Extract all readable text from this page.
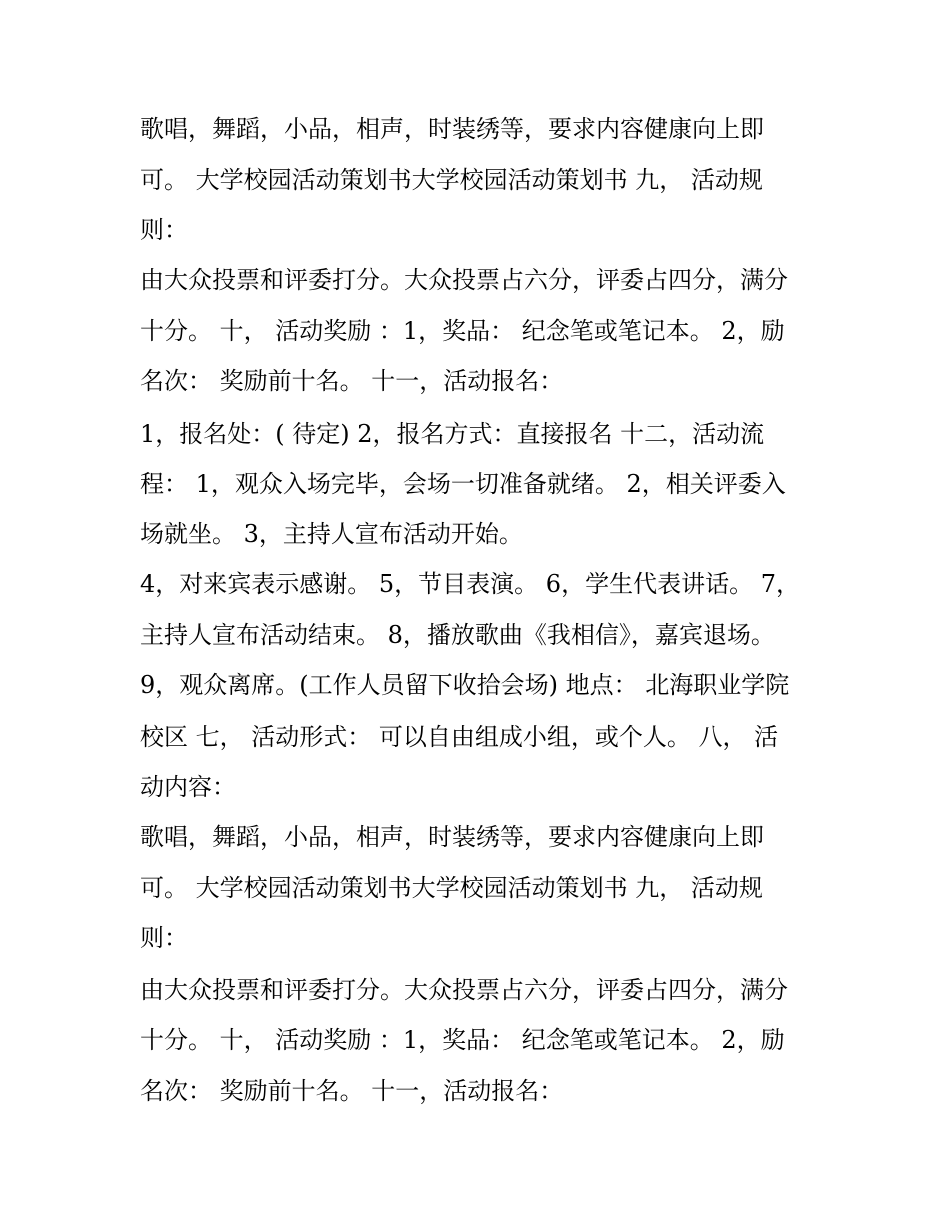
歌唱，舞蹈，小品，相声，时装绣等，要求内容健康向上即
可。 大学校园活动策划书大学校园活动策划书 九， 活动规
则：
由大众投票和评委打分。大众投票占六分，评委占四分，满分
十分。 十， 活动奖励 ：1，奖品： 纪念笔或笔记本。 2，励
名次： 奖励前十名。 十一，活动报名：
1，报名处：( 待定) 2，报名方式：直接报名 十二，活动流
程： 1，观众入场完毕，会场一切准备就绪。 2，相关评委入
场就坐。 3，主持人宣布活动开始。
4，对来宾表示感谢。 5，节目表演。 6，学生代表讲话。 7，
主持人宣布活动结束。 8，播放歌曲《我相信》，嘉宾退场。
9，观众离席。(工作人员留下收拾会场) 地点： 北海职业学院
校区 七， 活动形式： 可以自由组成小组，或个人。 八， 活
动内容：
歌唱，舞蹈，小品，相声，时装绣等，要求内容健康向上即
可。 大学校园活动策划书大学校园活动策划书 九， 活动规
则：
由大众投票和评委打分。大众投票占六分，评委占四分，满分
十分。 十， 活动奖励 ：1，奖品： 纪念笔或笔记本。 2，励
名次： 奖励前十名。 十一，活动报名：
